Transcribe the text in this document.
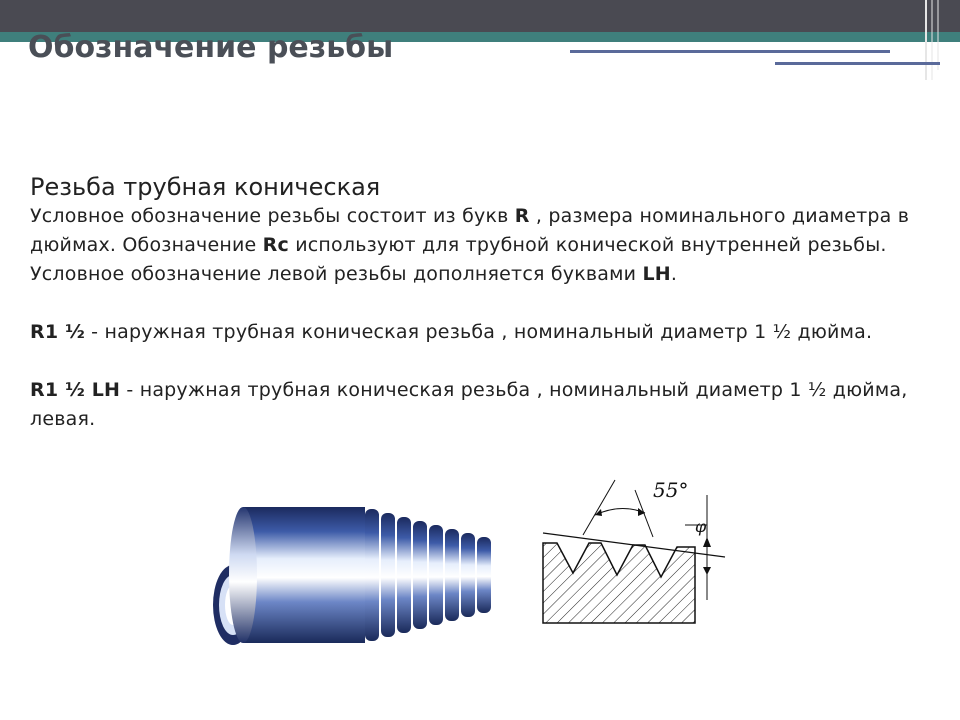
Обозначение резьбы

Резьба трубная коническая

Условное обозначение резьбы состоит из букв R , размера номинального диаметра в дюймах. Обозначение Rc используют для трубной конической внутренней резьбы. Условное обозначение левой резьбы дополняется буквами LH.

R1 ½ - наружная трубная коническая резьба , номинальный диаметр 1 ½ дюйма.

R1 ½ LH - наружная трубная коническая резьба , номинальный диаметр 1 ½ дюйма, левая.

55°
φ
